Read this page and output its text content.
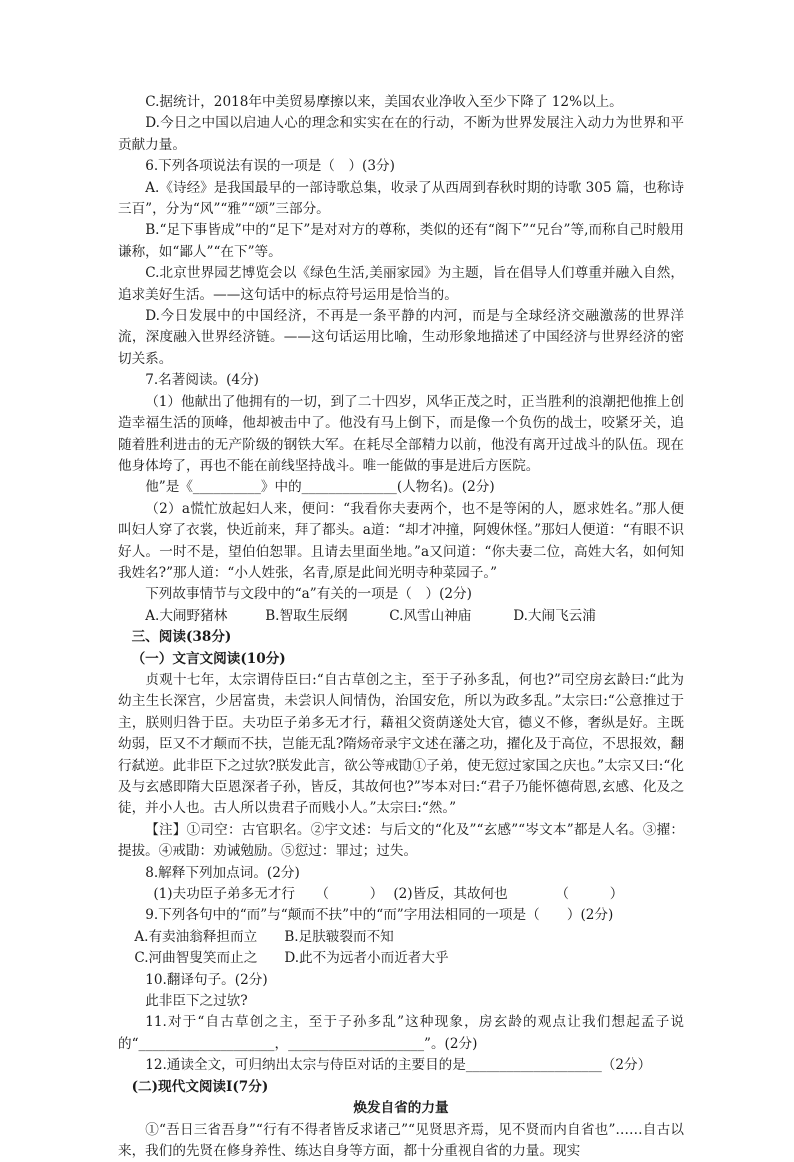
C.据统计，2018年中美贸易摩擦以来，美国农业净收入至少下降了 12%以上。

D.今日之中国以启迪人心的理念和实实在在的行动，不断为世界发展注入动力为世界和平贡献力量。

6.下列各项说法有误的一项是（　）(3分)

A.《诗经》是我国最早的一部诗歌总集，收录了从西周到春秋时期的诗歌 305 篇，也称诗三百”，分为“风”“雅”“颂”三部分。

B.“足下事皆成”中的“足下”是对对方的尊称，类似的还有“阁下”“兄台”等,而称自己时般用谦称，如“鄙人”“在下”等。

C.北京世界园艺博览会以《绿色生活,美丽家园》为主题，旨在倡导人们尊重并融入自然，追求美好生活。——这句话中的标点符号运用是恰当的。

D.今日发展中的中国经济，不再是一条平静的内河，而是与全球经济交融激荡的世界洋流，深度融入世界经济链。——这句话运用比喻，生动形象地描述了中国经济与世界经济的密切关系。

7.名著阅读。(4分)

（1）他献出了他拥有的一切，到了二十四岁，风华正茂之时，正当胜利的浪潮把他推上创造幸福生活的顶峰，他却被击中了。他没有马上倒下，而是像一个负伤的战士，咬紧牙关，追随着胜利进击的无产阶级的钢铁大军。在耗尽全部精力以前，他没有离开过战斗的队伍。现在他身体垮了，再也不能在前线坚持战斗。唯一能做的事是进后方医院。

他”是《__________》中的______________(人物名)。(2分)

（2）a慌忙放起妇人来，便问：“我看你夫妻两个，也不是等闲的人，愿求姓名。”那人便叫妇人穿了衣裳，快近前来，拜了都头。a道：“却才冲撞，阿嫂休怪。”那妇人便道：“有眼不识好人。一时不是，望伯伯恕罪。且请去里面坐地。”a又问道：“你夫妻二位，高姓大名，如何知我姓名?”那人道：“小人姓张，名青,原是此间光明寺种菜园子。”

下列故事情节与文段中的“a”有关的一项是（　）(2分)

A.大闹野猪林	B.智取生辰纲	C.风雪山神庙	D.大闹飞云浦

三、阅读(38分)

（一）文言文阅读(10分)

贞观十七年，太宗谓侍臣曰:“自古草创之主，至于子孙多乱，何也?”司空房玄龄曰:“此为幼主生长深宫，少居富贵，未尝识人间情伪，治国安危，所以为政多乱。”太宗曰:“公意推过于主，朕则归咎于臣。夫功臣子弟多无才行，藉祖父资荫遂处大官，德义不修，奢纵是好。主既幼弱，臣又不才颠而不扶，岂能无乱?隋炀帝录宇文述在藩之功，擢化及于高位，不思报效，翻行弑逆。此非臣下之过欤?朕发此言，欲公等戒勖①子弟，使无愆过家国之庆也。”太宗又曰:“化及与玄感即隋大臣恩深者子孙，皆反，其故何也?”岑本对曰:“君子乃能怀德荷恩,玄感、化及之徒，并小人也。古人所以贵君子而贱小人。”太宗曰:“然。”

【注】①司空：古官职名。②宇文述：与后文的“化及”“玄感”“岑文本”都是人名。③擢：提拔。④戒勖：劝诫勉励。⑤愆过：罪过；过失。

8.解释下列加点词。(2分)

(1)夫功臣子弟多无才行　　（　　　） (2)皆反，其故何也　　　　（　　　）

9.下列各句中的“而”与“颠而不扶”中的“而”字用法相同的一项是（　　）(2分)

A.有卖油翁释担而立	B.足肤皲裂而不知
C.河曲智叟笑而止之	D.此不为远者小而近者大乎

10.翻译句子。(2分)

此非臣下之过欤?

11.对于“自古草创之主，至于子孙多乱”这种现象，房玄龄的观点让我们想起孟子说的“____________________，____________________”。(2分)

12.通读全文，可归纳出太宗与侍臣对话的主要目的是____________________（2分）

(二)现代文阅读Ⅰ(7分)

焕发自省的力量

①“吾日三省吾身”“行有不得者皆反求诸己”“见贤思齐焉，见不贤而内自省也”……自古以来，我们的先贤在修身养性、练达自身等方面，都十分重视自省的力量。现实
